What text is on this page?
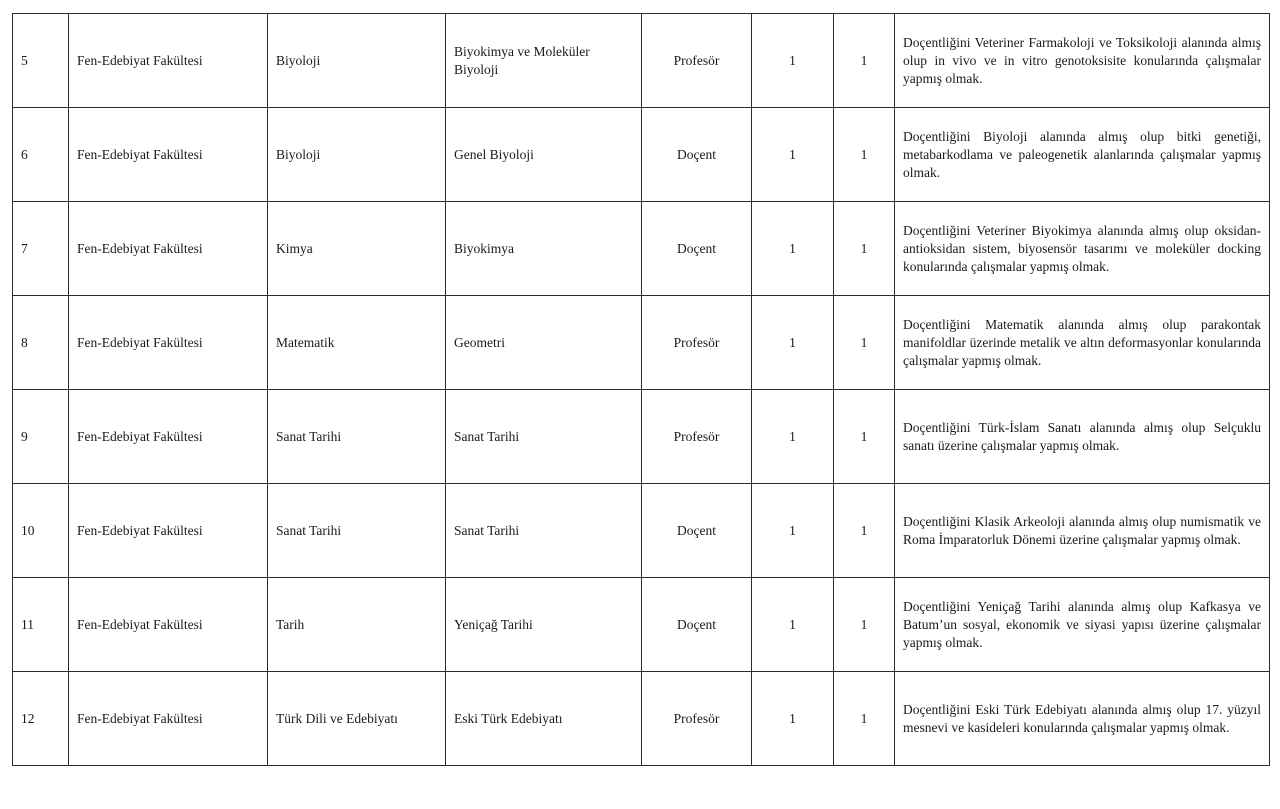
5	Fen-Edebiyat Fakültesi	Biyoloji	Biyokimya ve Moleküler Biyoloji	Profesör	1	1	Doçentliğini Veteriner Farmakoloji ve Toksikoloji alanında almış olup in vivo ve in vitro genotoksisite konularında çalışmalar yapmış olmak.
6	Fen-Edebiyat Fakültesi	Biyoloji	Genel Biyoloji	Doçent	1	1	Doçentliğini Biyoloji alanında almış olup bitki genetiği, metabarkodlama ve paleogenetik alanlarında çalışmalar yapmış olmak.
7	Fen-Edebiyat Fakültesi	Kimya	Biyokimya	Doçent	1	1	Doçentliğini Veteriner Biyokimya alanında almış olup oksidan-antioksidan sistem, biyosensör tasarımı ve moleküler docking konularında çalışmalar yapmış olmak.
8	Fen-Edebiyat Fakültesi	Matematik	Geometri	Profesör	1	1	Doçentliğini Matematik alanında almış olup parakontak manifoldlar üzerinde metalik ve altın deformasyonlar konularında çalışmalar yapmış olmak.
9	Fen-Edebiyat Fakültesi	Sanat Tarihi	Sanat Tarihi	Profesör	1	1	Doçentliğini Türk-İslam Sanatı alanında almış olup Selçuklu sanatı üzerine çalışmalar yapmış olmak.
10	Fen-Edebiyat Fakültesi	Sanat Tarihi	Sanat Tarihi	Doçent	1	1	Doçentliğini Klasik Arkeoloji alanında almış olup numismatik ve Roma İmparatorluk Dönemi üzerine çalışmalar yapmış olmak.
11	Fen-Edebiyat Fakültesi	Tarih	Yeniçağ Tarihi	Doçent	1	1	Doçentliğini Yeniçağ Tarihi alanında almış olup Kafkasya ve Batum’un sosyal, ekonomik ve siyasi yapısı üzerine çalışmalar yapmış olmak.
12	Fen-Edebiyat Fakültesi	Türk Dili ve Edebiyatı	Eski Türk Edebiyatı	Profesör	1	1	Doçentliğini Eski Türk Edebiyatı alanında almış olup 17. yüzyıl mesnevi ve kasideleri konularında çalışmalar yapmış olmak.
